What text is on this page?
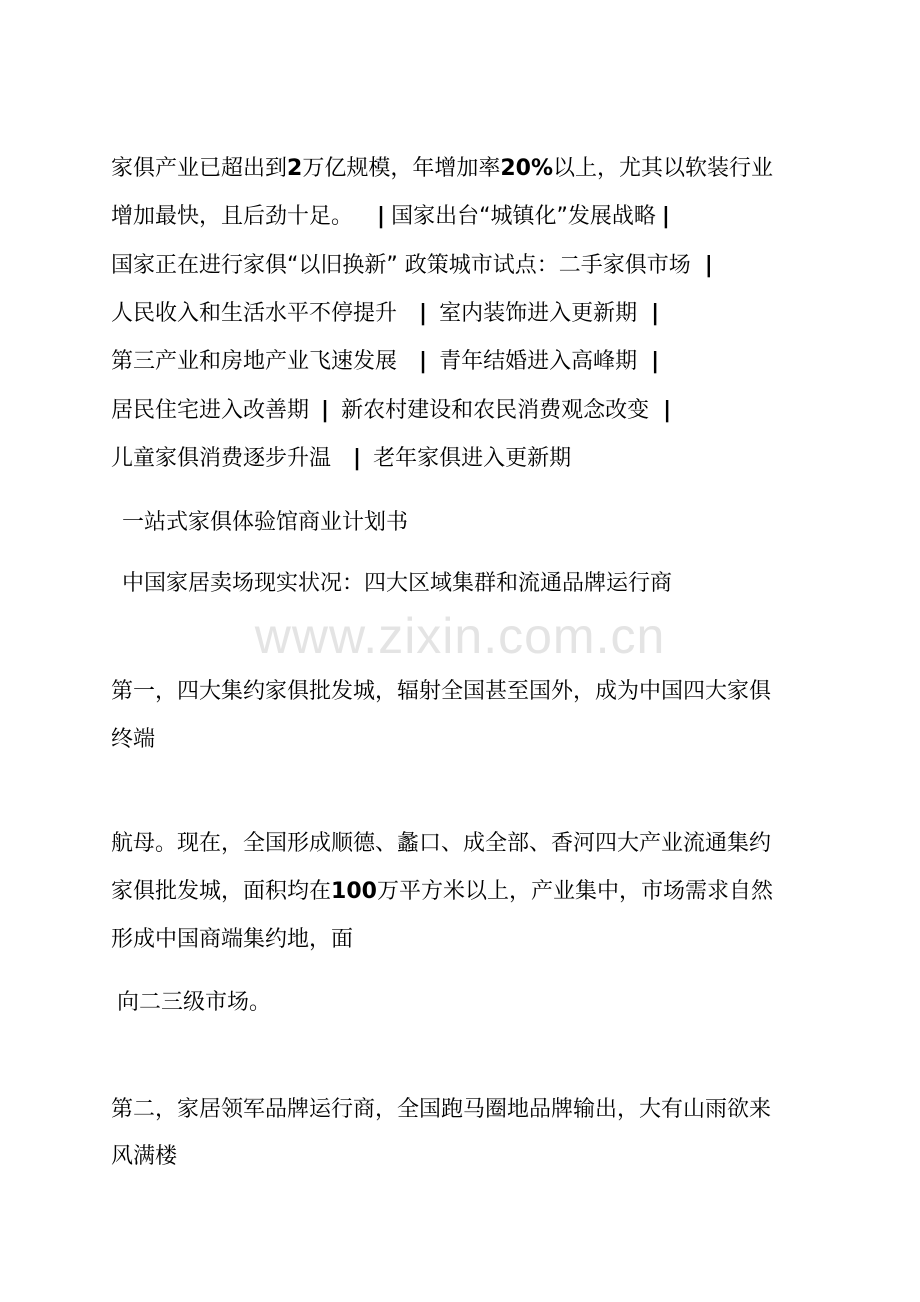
家俱产业已超出到2万亿规模，年增加率20%以上，尤其以软装行业

增加最快，且后劲十足。 | 国家出台“城镇化”发展战略 |

国家正在进行家俱“以旧换新” 政策城市试点：二手家俱市场 |

人民收入和生活水平不停提升 | 室内装饰进入更新期 |

第三产业和房地产业飞速发展 | 青年结婚进入高峰期 |

居民住宅进入改善期 | 新农村建设和农民消费观念改变 |

儿童家俱消费逐步升温 | 老年家俱进入更新期

一站式家俱体验馆商业计划书

中国家居卖场现实状况：四大区域集群和流通品牌运行商

www.zixin.com.cn

第一，四大集约家俱批发城，辐射全国甚至国外，成为中国四大家俱

终端

航母。现在，全国形成顺德、蠡口、成全部、香河四大产业流通集约

家俱批发城，面积均在100万平方米以上，产业集中，市场需求自然

形成中国商端集约地，面

向二三级市场。

第二，家居领军品牌运行商，全国跑马圈地品牌输出，大有山雨欲来

风满楼
